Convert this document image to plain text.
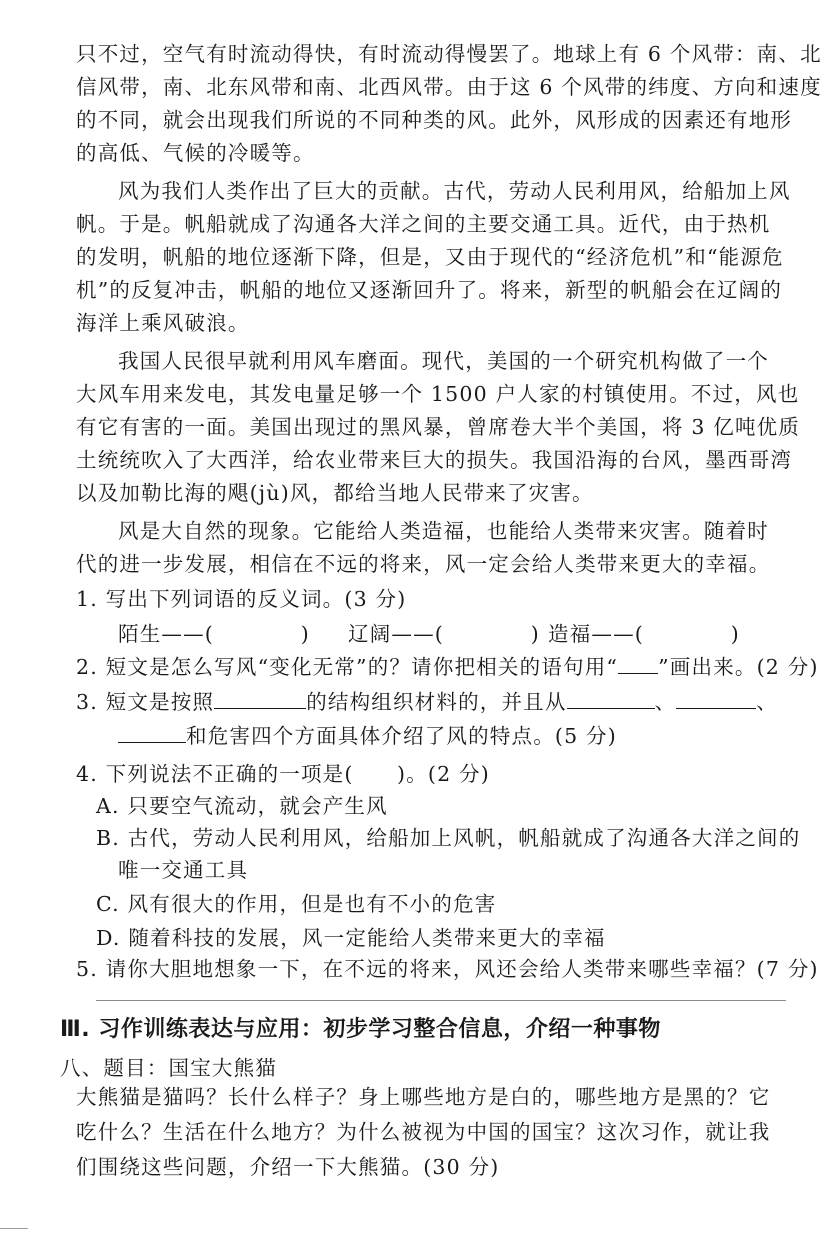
只不过，空气有时流动得快，有时流动得慢罢了。地球上有 6 个风带：南、北
信风带，南、北东风带和南、北西风带。由于这 6 个风带的纬度、方向和速度
的不同，就会出现我们所说的不同种类的风。此外，风形成的因素还有地形
的高低、气候的冷暖等。
风为我们人类作出了巨大的贡献。古代，劳动人民利用风，给船加上风
帆。于是。帆船就成了沟通各大洋之间的主要交通工具。近代，由于热机
的发明，帆船的地位逐渐下降，但是，又由于现代的“经济危机”和“能源危
机”的反复冲击，帆船的地位又逐渐回升了。将来，新型的帆船会在辽阔的
海洋上乘风破浪。
我国人民很早就利用风车磨面。现代，美国的一个研究机构做了一个
大风车用来发电，其发电量足够一个 1500 户人家的村镇使用。不过，风也
有它有害的一面。美国出现过的黑风暴，曾席卷大半个美国，将 3 亿吨优质
土统统吹入了大西洋，给农业带来巨大的损失。我国沿海的台风，墨西哥湾
以及加勒比海的飓(jù)风，都给当地人民带来了灾害。
风是大自然的现象。它能给人类造福，也能给人类带来灾害。随着时
代的进一步发展，相信在不远的将来，风一定会给人类带来更大的幸福。
1. 写出下列词语的反义词。(3 分)
陌生——(　　　　) 辽阔——(　　　　) 造福——(　　　　)
2. 短文是怎么写风“变化无常”的？请你把相关的语句用“ ”画出来。(2 分)
3. 短文是按照	的结构组织材料的，并且从	、	、
和危害四个方面具体介绍了风的特点。(5 分)
4. 下列说法不正确的一项是(　　)。(2 分)
A. 只要空气流动，就会产生风
B. 古代，劳动人民利用风，给船加上风帆，帆船就成了沟通各大洋之间的
唯一交通工具
C. 风有很大的作用，但是也有不小的危害
D. 随着科技的发展，风一定能给人类带来更大的幸福
5. 请你大胆地想象一下，在不远的将来，风还会给人类带来哪些幸福？(7 分)
Ⅲ. 习作训练表达与应用：初步学习整合信息，介绍一种事物
八、题目：国宝大熊猫
大熊猫是猫吗？长什么样子？身上哪些地方是白的，哪些地方是黑的？它
吃什么？生活在什么地方？为什么被视为中国的国宝？这次习作，就让我
们围绕这些问题，介绍一下大熊猫。(30 分)
